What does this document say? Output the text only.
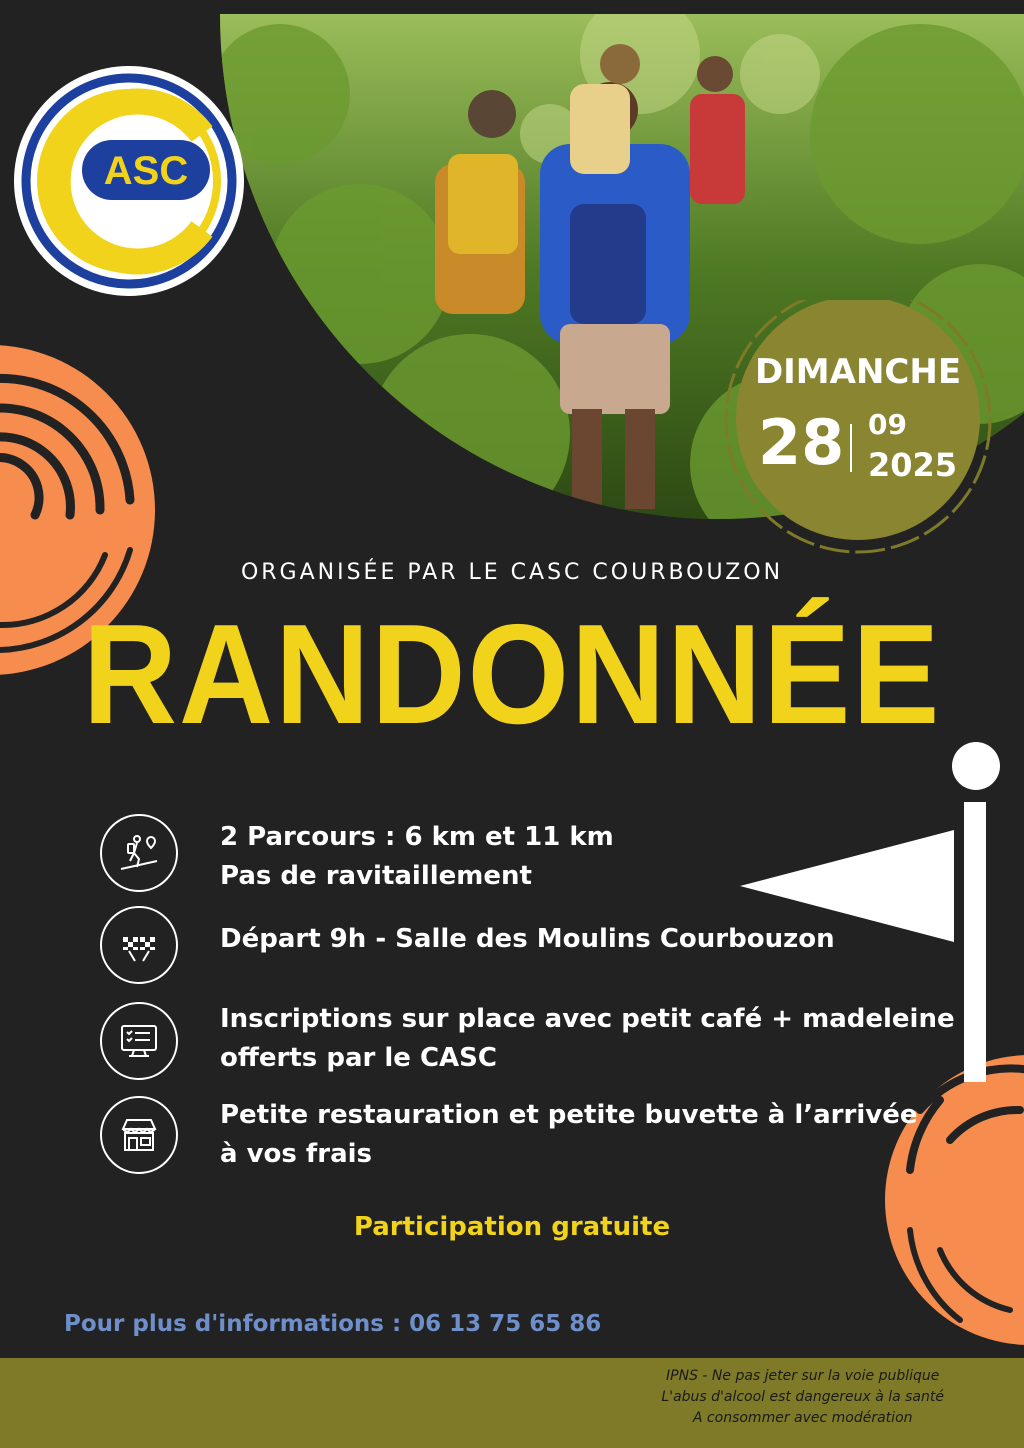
ASC
DIMANCHE
28 09
2025
ORGANISÉE PAR LE CASC COURBOUZON
RANDONNÉE
2 Parcours : 6 km et 11 km
Pas de ravitaillement
Départ 9h - Salle des Moulins Courbouzon
Inscriptions sur place avec petit café + madeleine
offerts par le CASC
Petite restauration et petite buvette à l’arrivée
à vos frais
Participation gratuite
Pour plus d'informations : 06 13 75 65 86
IPNS - Ne pas jeter sur la voie publique
L'abus d'alcool est dangereux à la santé
A consommer avec modération
